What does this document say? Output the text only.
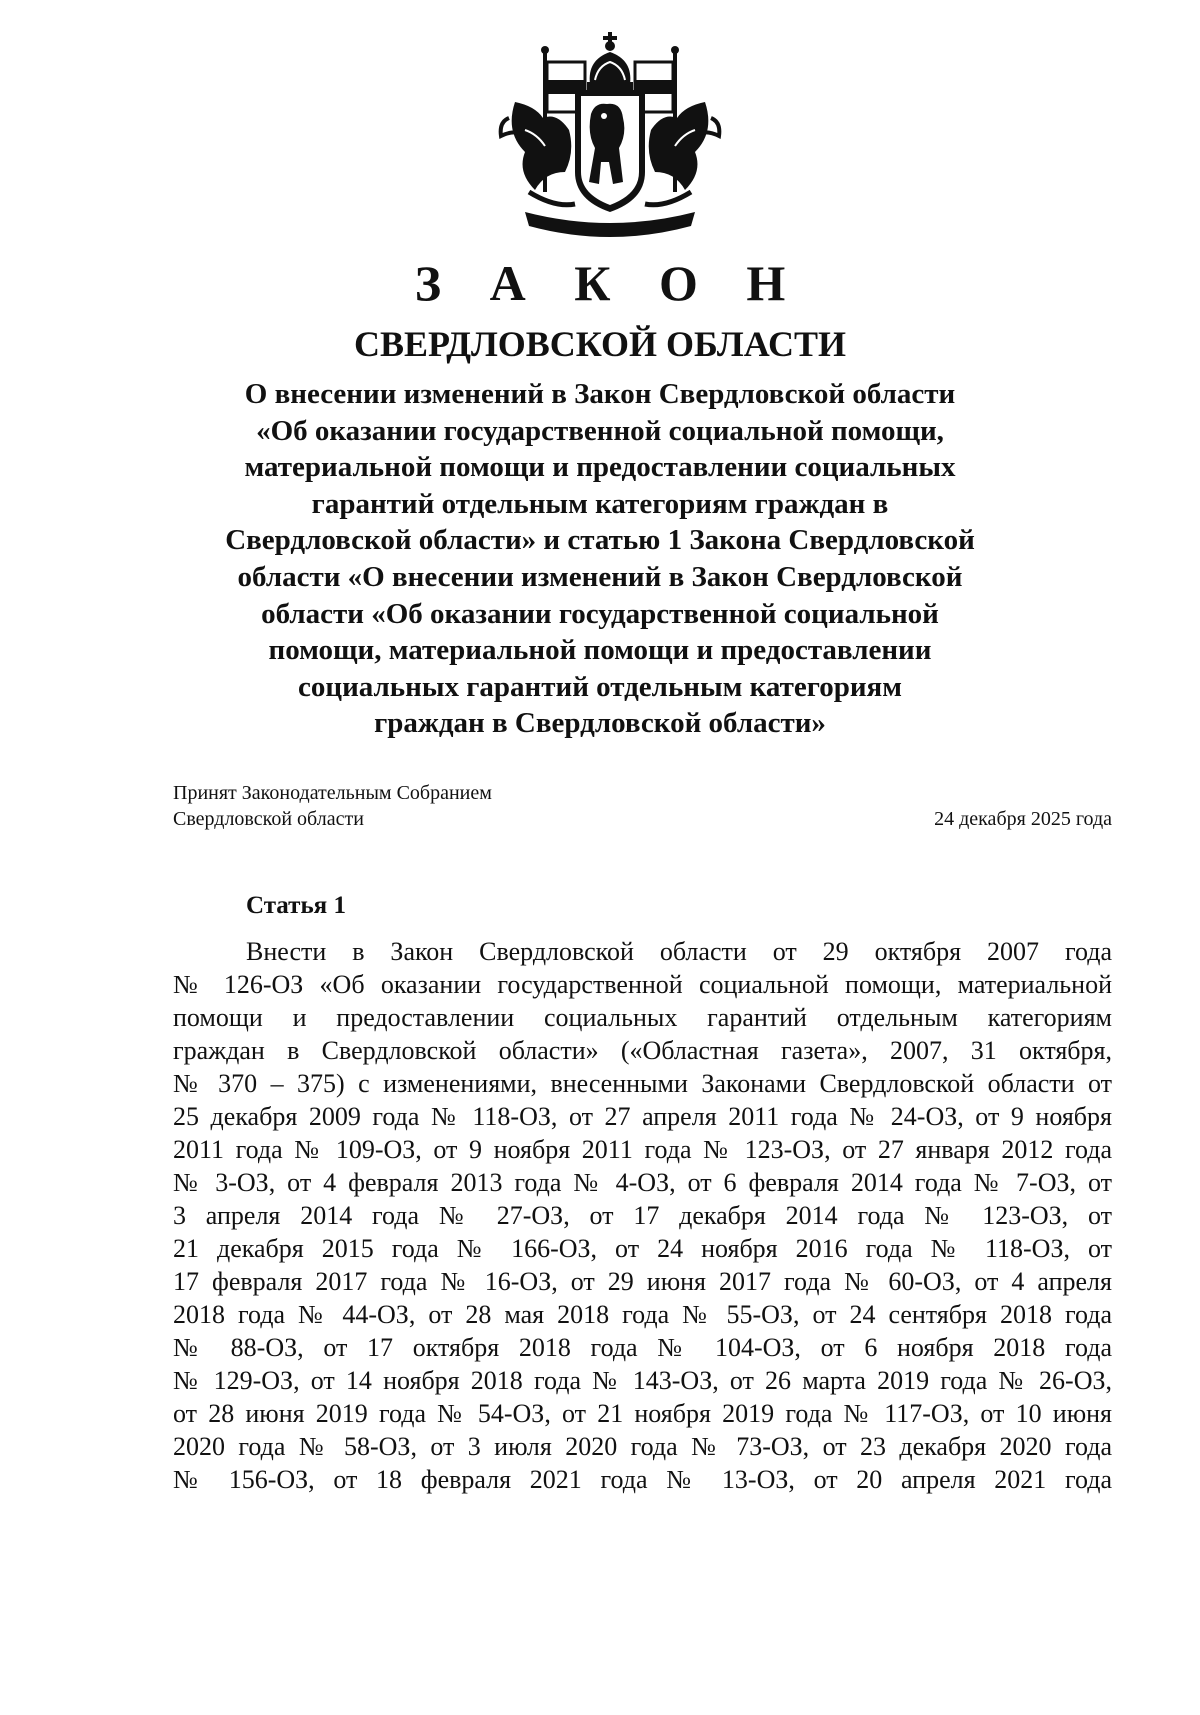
З А К О Н
СВЕРДЛОВСКОЙ ОБЛАСТИ
О внесении изменений в Закон Свердловской области
«Об оказании государственной социальной помощи,
материальной помощи и предоставлении социальных
гарантий отдельным категориям граждан в
Свердловской области» и статью 1 Закона Свердловской
области «О внесении изменений в Закон Свердловской
области «Об оказании государственной социальной
помощи, материальной помощи и предоставлении
социальных гарантий отдельным категориям
граждан в Свердловской области»
Принят Законодательным Собранием
Свердловской области	24 декабря 2025 года
Статья 1
Внести в Закон Свердловской области от 29 октября 2007 года
№ 126-ОЗ «Об оказании государственной социальной помощи, материальной
помощи и предоставлении социальных гарантий отдельным категориям
граждан в Свердловской области» («Областная газета», 2007, 31 октября,
№ 370 – 375) с изменениями, внесенными Законами Свердловской области от
25 декабря 2009 года № 118-ОЗ, от 27 апреля 2011 года № 24-ОЗ, от 9 ноября
2011 года № 109-ОЗ, от 9 ноября 2011 года № 123-ОЗ, от 27 января 2012 года
№ 3-ОЗ, от 4 февраля 2013 года № 4-ОЗ, от 6 февраля 2014 года № 7-ОЗ, от
3 апреля 2014 года № 27-ОЗ, от 17 декабря 2014 года № 123-ОЗ, от
21 декабря 2015 года № 166-ОЗ, от 24 ноября 2016 года № 118-ОЗ, от
17 февраля 2017 года № 16-ОЗ, от 29 июня 2017 года № 60-ОЗ, от 4 апреля
2018 года № 44-ОЗ, от 28 мая 2018 года № 55-ОЗ, от 24 сентября 2018 года
№ 88-ОЗ, от 17 октября 2018 года № 104-ОЗ, от 6 ноября 2018 года
№ 129-ОЗ, от 14 ноября 2018 года № 143-ОЗ, от 26 марта 2019 года № 26-ОЗ,
от 28 июня 2019 года № 54-ОЗ, от 21 ноября 2019 года № 117-ОЗ, от 10 июня
2020 года № 58-ОЗ, от 3 июля 2020 года № 73-ОЗ, от 23 декабря 2020 года
№ 156-ОЗ, от 18 февраля 2021 года № 13-ОЗ, от 20 апреля 2021 года
